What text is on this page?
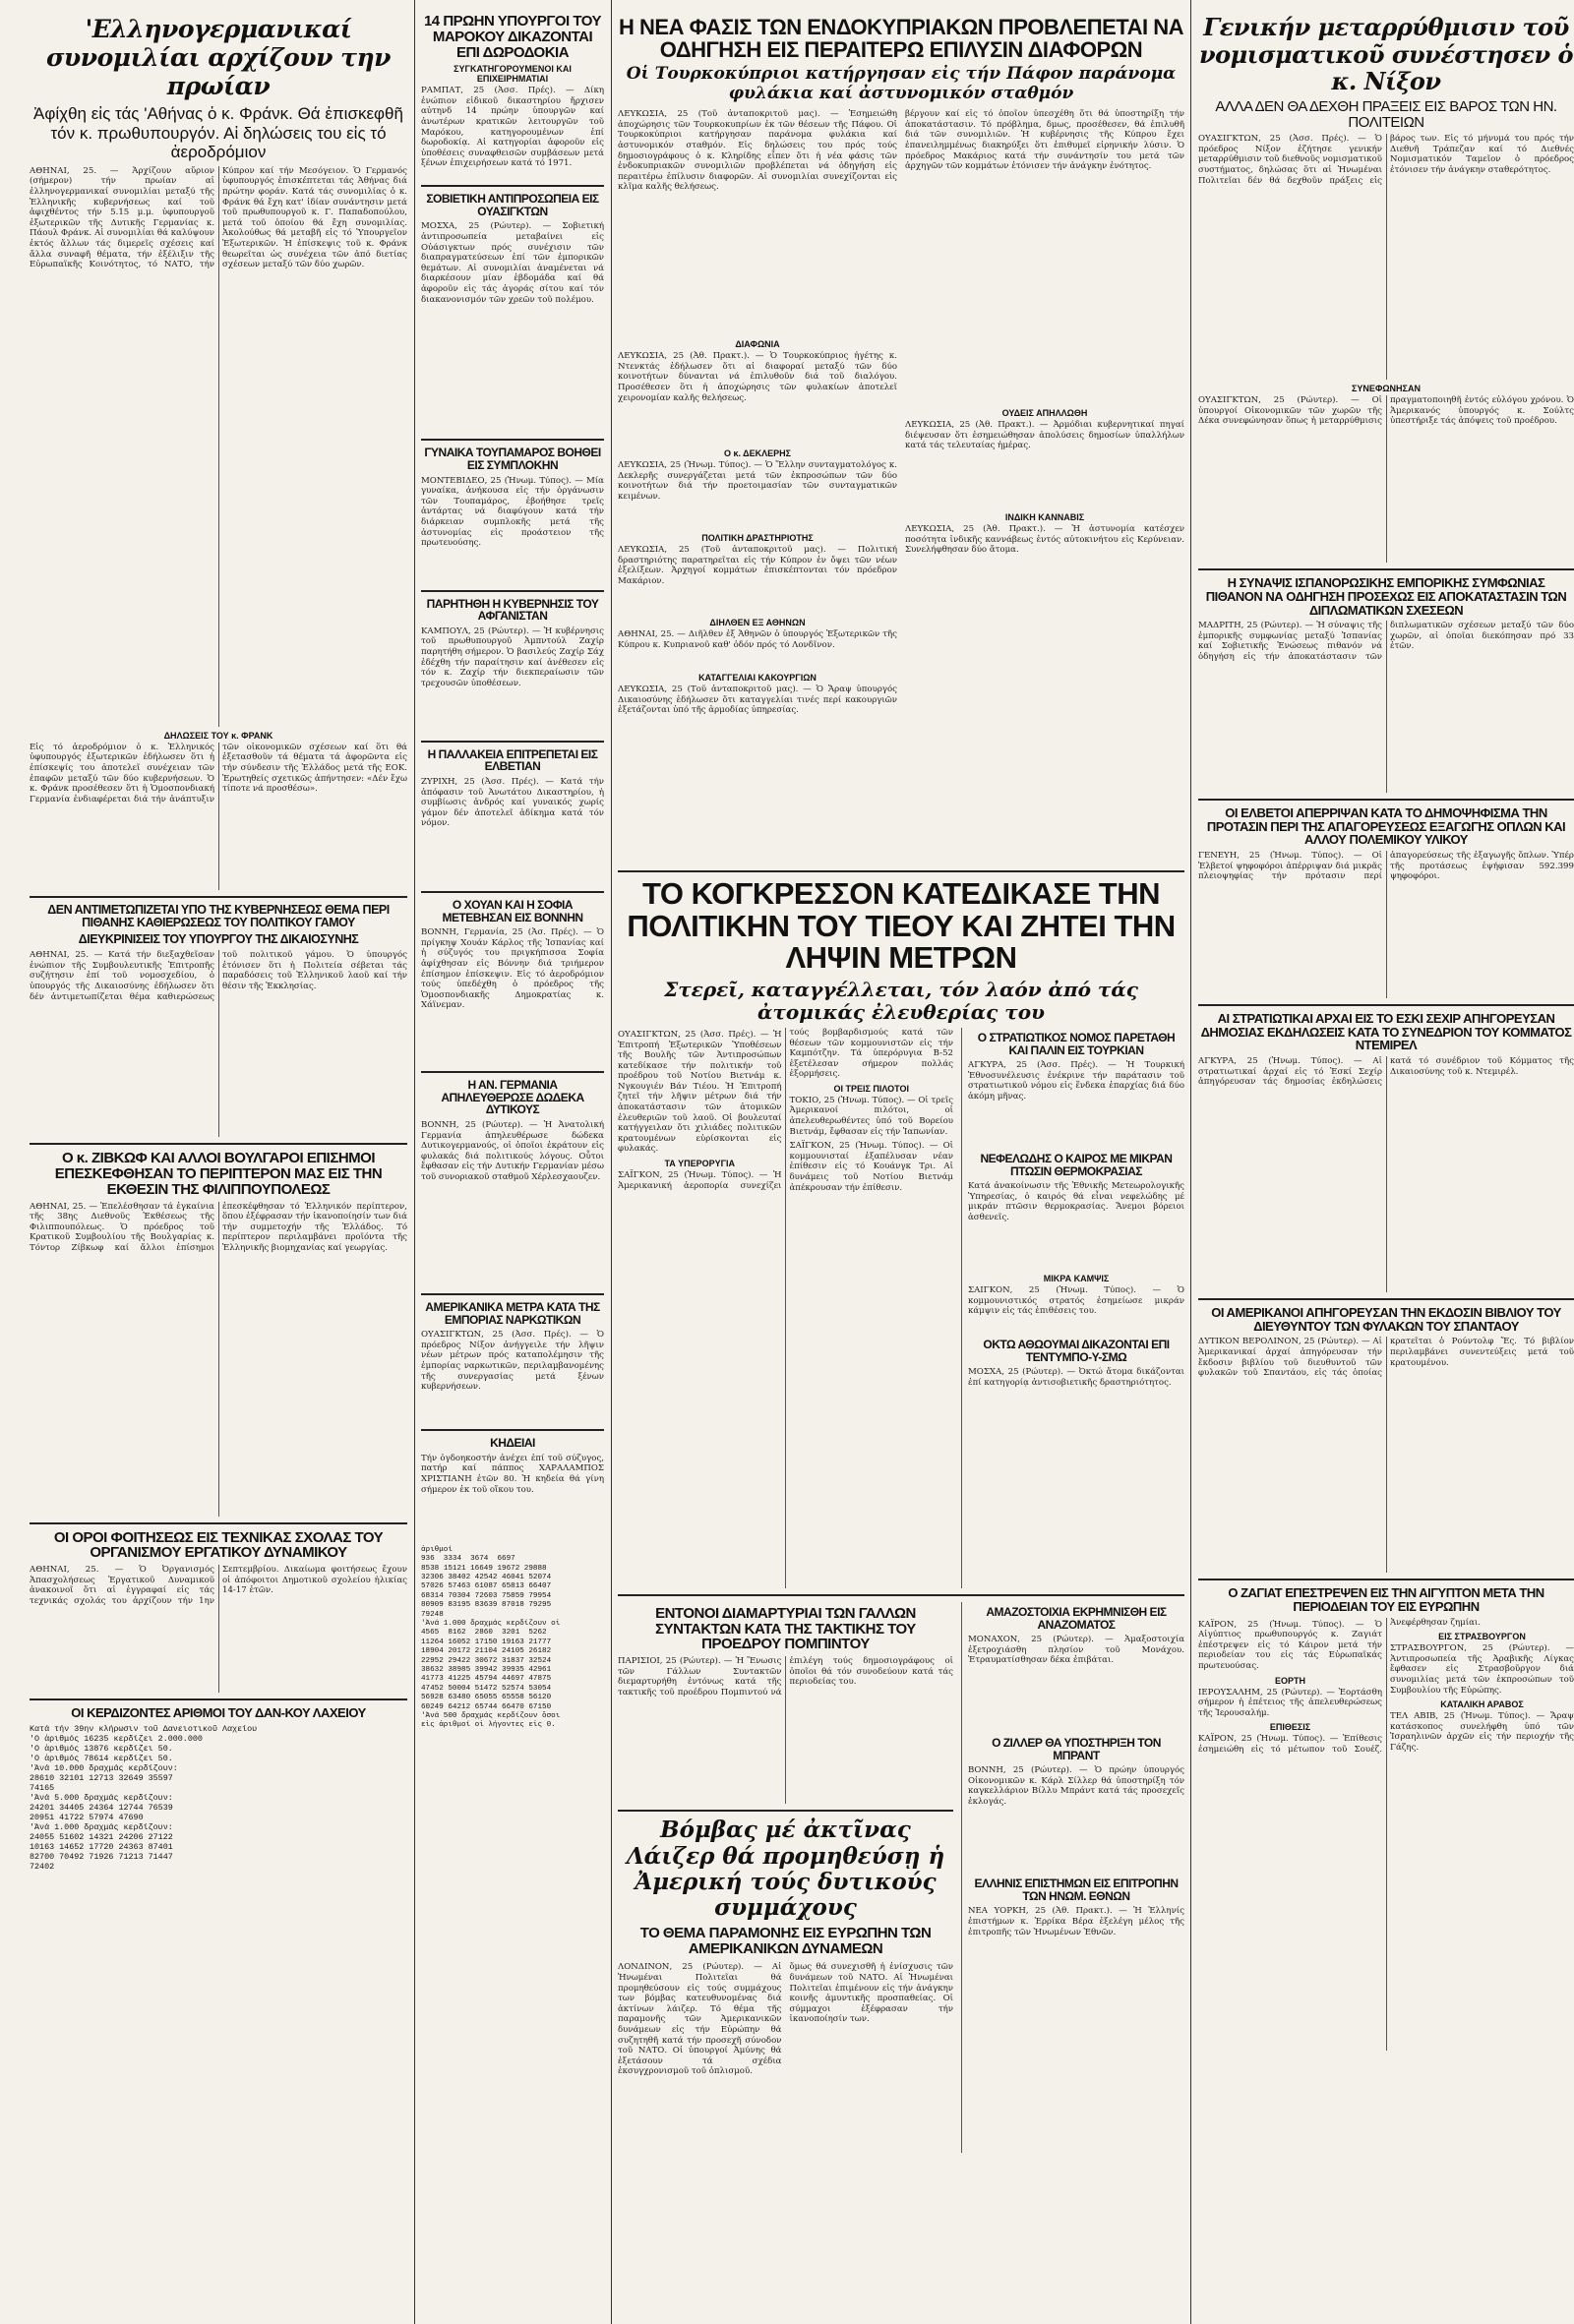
'Ελληνογερμανικαί συνομιλίαι αρχίζουν την πρωίαν
Ἀφίχθη εἰς τάς 'Αθήνας ὁ κ. Φράνκ. Θά ἐπισκεφθῆ τόν κ. πρωθυπουργόν. Αἱ δηλώσεις του εἰς τό ἀεροδρόμιον
ΑΘΗΝΑΙ, 25. — Ἀρχίζουν αὔριον (σήμερον) τήν πρωίαν αἱ ἐλληνογερμανικαί συνομιλίαι μεταξύ τῆς Ἑλληνικῆς κυβερνήσεως καί τοῦ ἀφιχθέντος τήν 5.15 μ.μ. ὑφυπουργοῦ ἐξωτερικῶν τῆς Δυτικῆς Γερμανίας κ. Πάουλ Φράνκ. Αἱ συνομιλίαι θά καλύψουν ἐκτός ἄλλων τάς διμερεῖς σχέσεις καί ἄλλα συναφῆ θέματα, τήν ἐξέλιξιν τῆς Εὐρωπαϊκῆς Κοινότητος, τό ΝΑΤΟ, τήν Κύπρον καί τήν Μεσόγειον. Ὁ Γερμανός ὑφυπουργός ἐπισκέπτεται τάς Ἀθήνας διά πρώτην φοράν. Κατά τάς συνομιλίας ὁ κ. Φράνκ θά ἔχη κατ' ἰδίαν συνάντησιν μετά τοῦ πρωθυπουργοῦ κ. Γ. Παπαδοπούλου, μετά τοῦ ὁποίου θά ἔχη συνομιλίας. Ἀκολούθως θά μεταβῆ εἰς τό Ὑπουργεῖον Ἐξωτερικῶν. Ἡ ἐπίσκεψις τοῦ κ. Φράνκ θεωρεῖται ὡς συνέχεια τῶν ἀπό διετίας σχέσεων μεταξύ τῶν δύο χωρῶν.
ΔΗΛΩΣΕΙΣ ΤΟΥ κ. ΦΡΑΝΚ
Εἰς τό ἀεροδρόμιον ὁ κ. Ἑλληνικός ὑφυπουργός ἐξωτερικῶν ἐδήλωσεν ὅτι ἡ ἐπίσκεψίς του ἀποτελεῖ συνέχειαν τῶν ἐπαφῶν μεταξύ τῶν δύο κυβερνήσεων. Ὁ κ. Φράνκ προσέθεσεν ὅτι ἡ Ὁμοσπονδιακή Γερμανία ἐνδιαφέρεται διά τήν ἀνάπτυξιν τῶν οἰκονομικῶν σχέσεων καί ὅτι θά ἐξετασθοῦν τά θέματα τά ἀφορῶντα εἰς τήν σύνδεσιν τῆς Ἑλλάδος μετά τῆς ΕΟΚ. Ἐρωτηθείς σχετικῶς ἀπήντησεν: «Δέν ἔχω τίποτε νά προσθέσω».
ΔΕΝ ΑΝΤΙΜΕΤΩΠΙΖΕΤΑΙ ΥΠΟ ΤΗΣ ΚΥΒΕΡΝΗΣΕΩΣ ΘΕΜΑ ΠΕΡΙ ΠΙΘΑΝΗΣ ΚΑΘΙΕΡΩΣΕΩΣ ΤΟΥ ΠΟΛΙΤΙΚΟΥ ΓΑΜΟΥ
ΔΙΕΥΚΡΙΝΙΣΕΙΣ ΤΟΥ ΥΠΟΥΡΓΟΥ ΤΗΣ ΔΙΚΑΙΟΣΥΝΗΣ
ΑΘΗΝΑΙ, 25. — Κατά τήν διεξαχθεῖσαν ἐνώπιον τῆς Συμβουλευτικῆς Ἐπιτροπῆς συζήτησιν ἐπί τοῦ νομοσχεδίου, ὁ ὑπουργός τῆς Δικαιοσύνης ἐδήλωσεν ὅτι δέν ἀντιμετωπίζεται θέμα καθιερώσεως τοῦ πολιτικοῦ γάμου. Ὁ ὑπουργός ἐτόνισεν ὅτι ἡ Πολιτεία σέβεται τάς παραδόσεις τοῦ Ἑλληνικοῦ λαοῦ καί τήν θέσιν τῆς Ἐκκλησίας.
Ο κ. ΖΙΒΚΩΦ ΚΑΙ ΑΛΛΟΙ ΒΟΥΛΓΑΡΟΙ ΕΠΙΣΗΜΟΙ ΕΠΕΣΚΕΦΘΗΣΑΝ ΤΟ ΠΕΡΙΠΤΕΡΟΝ ΜΑΣ ΕΙΣ ΤΗΝ ΕΚΘΕΣΙΝ ΤΗΣ ΦΙΛΙΠΠΟΥΠΟΛΕΩΣ
ΑΘΗΝΑΙ, 25. — Ἐπελέσθησαν τά ἐγκαίνια τῆς 38ης Διεθνοῦς Ἐκθέσεως τῆς Φιλιππουπόλεως. Ὁ πρόεδρος τοῦ Κρατικοῦ Συμβουλίου τῆς Βουλγαρίας κ. Τόντορ Ζίβκωφ καί ἄλλοι ἐπίσημοι ἐπεσκέφθησαν τό Ἑλληνικόν περίπτερον, ὅπου ἐξέφρασαν τήν ἱκανοποίησίν των διά τήν συμμετοχήν τῆς Ἑλλάδος. Τό περίπτερον περιλαμβάνει προϊόντα τῆς Ἑλληνικῆς βιομηχανίας καί γεωργίας.
ΟΙ ΟΡΟΙ ΦΟΙΤΗΣΕΩΣ ΕΙΣ ΤΕΧΝΙΚΑΣ ΣΧΟΛΑΣ ΤΟΥ ΟΡΓΑΝΙΣΜΟΥ ΕΡΓΑΤΙΚΟΥ ΔΥΝΑΜΙΚΟΥ
ΑΘΗΝΑΙ, 25. — Ὁ Ὀργανισμός Ἀπασχολήσεως Ἐργατικοῦ Δυναμικοῦ ἀνακοινοῖ ὅτι αἱ ἐγγραφαί εἰς τάς τεχνικάς σχολάς του ἀρχίζουν τήν 1ην Σεπτεμβρίου. Δικαίωμα φοιτήσεως ἔχουν οἱ ἀπόφοιτοι Δημοτικοῦ σχολείου ἡλικίας 14-17 ἐτῶν.
ΟΙ ΚΕΡΔΙΖΟΝΤΕΣ ΑΡΙΘΜΟΙ ΤΟΥ ΔΑΝ-ΚΟΥ ΛΑΧΕΙΟΥ
Κατά τήν 39ην κλήρωσιν τοῦ Δανειοτικοῦ Λαχείου
'Ο ἀριθμός 16235 κερδίζει 2.000.000
'Ο ἀριθμός 13876 κερδίζει 50.
'Ο ἀριθμός 78614 κερδίζει 50.
'Ἀνά 10.000 δραχμάς κερδίζουν:
28610 32101 12713 32649 35597
74165
'Ἀνά 5.000 δραχμάς κερδίζουν:
24201 34405 24364 12744 76539
20951 41722 57974 47690
'Ἀνά 1.000 δραχμάς κερδίζουν:
24055 51602 14321 24206 27122
10163 14652 17720 24363 87401
82700 70492 71926 71213 71447
72402
14 ΠΡΩΗΝ ΥΠΟΥΡΓΟΙ ΤΟΥ ΜΑΡΟΚΟΥ ΔΙΚΑΖΟΝΤΑΙ ΕΠΙ ΔΩΡΟΔΟΚΙΑ
ΣΥΓΚΑΤΗΓΟΡΟΥΜΕΝΟΙ ΚΑΙ ΕΠΙΧΕΙΡΗΜΑΤΙΑΙ
ΡΑΜΠΑΤ, 25 (Ἀσσ. Πρές). — Δίκη ἐνώπιον εἰδικοῦ δικαστηρίου ἤρχισεν αὐτηνδ 14 πρώην ὑπουργῶν καί ἀνωτέρων κρατικῶν λειτουργῶν τοῦ Μαρόκου, κατηγορουμένων ἐπί δωροδοκίᾳ. Αἱ κατηγορίαι ἀφοροῦν εἰς ὑποθέσεις συναφθεισῶν συμβάσεων μετά ξένων ἐπιχειρήσεων κατά τό 1971.
ΣΟΒΙΕΤΙΚΗ ΑΝΤΙΠΡΟΣΩΠΕΙΑ ΕΙΣ ΟΥΑΣΙΓΚΤΩΝ
ΜΟΣΧΑ, 25 (Ρώυτερ). — Σοβιετική ἀντιπροσωπεία μεταβαίνει εἰς Οὐάσιγκτων πρός συνέχισιν τῶν διαπραγματεύσεων ἐπί τῶν ἐμπορικῶν θεμάτων. Αἱ συνομιλίαι ἀναμένεται νά διαρκέσουν μίαν ἑβδομάδα καί θά ἀφοροῦν εἰς τάς ἀγοράς σίτου καί τόν διακανονισμόν τῶν χρεῶν τοῦ πολέμου.
ΓΥΝΑΙΚΑ ΤΟΥΠΑΜΑΡΟΣ ΒΟΗΘΕΙ ΕΙΣ ΣΥΜΠΛΟΚΗΝ
ΜΟΝΤΕΒΙΔΕΟ, 25 (Ἡνωμ. Τύπος). — Μία γυναίκα, ἀνήκουσα εἰς τήν ὀργάνωσιν τῶν Τουπαμάρος, ἐβοήθησε τρεῖς ἀντάρτας νά διαφύγουν κατά τήν διάρκειαν συμπλοκῆς μετά τῆς ἀστυνομίας εἰς προάστειον τῆς πρωτευούσης.
ΠΑΡΗΤΗΘΗ Η ΚΥΒΕΡΝΗΣΙΣ ΤΟΥ ΑΦΓΑΝΙΣΤΑΝ
ΚΑΜΠΟΥΛ, 25 (Ρώυτερ). — Ἡ κυβέρνησις τοῦ πρωθυπουργοῦ Ἀμπντούλ Ζαχίρ παρητήθη σήμερον. Ὁ βασιλεύς Ζαχίρ Σάχ ἐδέχθη τήν παραίτησιν καί ἀνέθεσεν εἰς τόν κ. Ζαχίρ τήν διεκπεραίωσιν τῶν τρεχουσῶν ὑποθέσεων.
Η ΠΑΛΛΑΚΕΙΑ ΕΠΙΤΡΕΠΕΤΑΙ ΕΙΣ ΕΛΒΕΤΙΑΝ
ΖΥΡΙΧΗ, 25 (Ἀσσ. Πρές). — Κατά τήν ἀπόφασιν τοῦ Ἀνωτάτου Δικαστηρίου, ἡ συμβίωσις ἀνδρός καί γυναικός χωρίς γάμον δέν ἀποτελεῖ ἀδίκημα κατά τόν νόμον.
Ο ΧΟΥΑΝ ΚΑΙ Η ΣΟΦΙΑ ΜΕΤΕΒΗΣΑΝ ΕΙΣ ΒΟΝΝΗΝ
ΒΟΝΝΗ, Γερμανία, 25 (Ἀσ. Πρές). — Ὁ πρίγκηψ Χουάν Κάρλος τῆς Ἱσπανίας καί ἡ σύζυγός του πριγκήπισσα Σοφία ἀφίχθησαν εἰς Βόννην διά τριήμερον ἐπίσημον ἐπίσκεψιν. Εἰς τό ἀεροδρόμιον τούς ὑπεδέχθη ὁ πρόεδρος τῆς Ὁμοσπονδιακῆς Δημοκρατίας κ. Χάϊνεμαν.
Η ΑΝ. ΓΕΡΜΑΝΙΑ ΑΠΗΛΕΥΘΕΡΩΣΕ ΔΩΔΕΚΑ ΔΥΤΙΚΟΥΣ
ΒΟΝΝΗ, 25 (Ρώυτερ). — Ἡ Ἀνατολική Γερμανία ἀπηλευθέρωσε δώδεκα Δυτικογερμανούς, οἱ ὁποῖοι ἐκράτουν εἰς φυλακάς διά πολιτικούς λόγους. Οὗτοι ἔφθασαν εἰς τήν Δυτικήν Γερμανίαν μέσω τοῦ συνοριακοῦ σταθμοῦ Χέρλεσχαουζεν.
ΑΜΕΡΙΚΑΝΙΚΑ ΜΕΤΡΑ ΚΑΤΑ ΤΗΣ ΕΜΠΟΡΙΑΣ ΝΑΡΚΩΤΙΚΩΝ
ΟΥΑΣΙΓΚΤΩΝ, 25 (Ἀσσ. Πρές). — Ὁ πρόεδρος Νίξον ἀνήγγειλε τήν λῆψιν νέων μέτρων πρός καταπολέμησιν τῆς ἐμπορίας ναρκωτικῶν, περιλαμβανομένης τῆς συνεργασίας μετά ξένων κυβερνήσεων.
ΚΗΔΕΙΑΙ
Τήν ὀγδοηκοστήν ἀνέχει ἐπί τοῦ σύζυγος, πατήρ καί πάππος ΧΑΡΑΛΑΜΠΟΣ ΧΡΙΣΤΙΑΝΗ ἐτῶν 80. Ἡ κηδεία θά γίνη σήμερον ἐκ τοῦ οἴκου του.
ἀριθμοί
936  3334  3674  6697
8538 15121 16649 19672 29888
32306 38402 42542 46041 52074
57026 57463 61087 65813 66407
68314 70304 72603 75859 79954
80909 83195 83639 87018 79295
79248
'Ἀνά 1.000 δραχμάς κερδίζουν οἱ
4565  8162  2860  3201  5262
11264 16052 17150 19163 21777
18904 20172 21104 24105 26182
22952 29422 30672 31837 32524
38632 38985 39942 39935 42961
41773 41225 45794 44697 47875
47452 50004 51472 52574 53054
56928 63480 65055 65558 56120
60249 64212 65744 66470 67150
'Ἀνά 500 δραχμάς κερδίζουν ὅσοι
εἰς ἀριθμοί οἱ λήγοντες εἰς 0.
Η ΝΕΑ ΦΑΣΙΣ ΤΩΝ ΕΝΔΟΚΥΠΡΙΑΚΩΝ ΠΡΟΒΛΕΠΕΤΑΙ ΝΑ ΟΔΗΓΗΣΗ ΕΙΣ ΠΕΡΑΙΤΕΡΩ ΕΠΙΛΥΣΙΝ ΔΙΑΦΟΡΩΝ
Οἱ Τουρκοκύπριοι κατήργησαν εἰς τήν Πάφον παράνομα φυλάκια καί ἀστυνομικόν σταθμόν
ΛΕΥΚΩΣΙΑ, 25 (Τοῦ ἀνταποκριτοῦ μας). — Ἐσημειώθη ἀποχώρησις τῶν Τουρκοκυπρίων ἐκ τῶν θέσεων τῆς Πάφου. Οἱ Τουρκοκύπριοι κατήργησαν παράνομα φυλάκια καί ἀστυνομικόν σταθμόν. Εἰς δηλώσεις του πρός τούς δημοσιογράφους ὁ κ. Κληρίδης εἶπεν ὅτι ἡ νέα φάσις τῶν ἐνδοκυπριακῶν συνομιλιῶν προβλέπεται νά ὁδηγήση εἰς περαιτέρω ἐπίλυσιν διαφορῶν. Αἱ συνομιλίαι συνεχίζονται εἰς κλῖμα καλῆς θελήσεως.
ΔΙΑΦΩΝΙΑ
ΛΕΥΚΩΣΙΑ, 25 (Ἀθ. Πρακτ.). — Ὁ Τουρκοκύπριος ἡγέτης κ. Ντενκτάς ἐδήλωσεν ὅτι αἱ διαφοραί μεταξύ τῶν δύο κοινοτήτων δύνανται νά ἐπιλυθοῦν διά τοῦ διαλόγου. Προσέθεσεν ὅτι ἡ ἀποχώρησις τῶν φυλακίων ἀποτελεῖ χειρονομίαν καλῆς θελήσεως.
Ο κ. ΔΕΚΛΕΡΗΣ
ΛΕΥΚΩΣΙΑ, 25 (Ἡνωμ. Τύπος). — Ὁ Ἕλλην συνταγματολόγος κ. Δεκλερῆς συνεργάζεται μετά τῶν ἐκπροσώπων τῶν δύο κοινοτήτων διά τήν προετοιμασίαν τῶν συνταγματικῶν κειμένων.
ΠΟΛΙΤΙΚΗ ΔΡΑΣΤΗΡΙΟΤΗΣ
ΛΕΥΚΩΣΙΑ, 25 (Τοῦ ἀνταποκριτοῦ μας). — Πολιτική δραστηριότης παρατηρεῖται εἰς τήν Κύπρον ἐν ὄψει τῶν νέων ἐξελίξεων. Ἀρχηγοί κομμάτων ἐπισκέπτονται τόν πρόεδρον Μακάριον.
ΔΙΗΛΘΕΝ ΕΞ ΑΘΗΝΩΝ
ΑΘΗΝΑΙ, 25. — Διῆλθεν ἐξ Ἀθηνῶν ὁ ὑπουργός Ἐξωτερικῶν τῆς Κύπρου κ. Κυπριανοῦ καθ' ὁδόν πρός τό Λονδῖνον.
ΚΑΤΑΓΓΕΛΙΑΙ ΚΑΚΟΥΡΓΙΩΝ
ΛΕΥΚΩΣΙΑ, 25 (Τοῦ ἀνταποκριτοῦ μας). — Ὁ Ἄραψ ὑπουργός Δικαιοσύνης ἐδήλωσεν ὅτι καταγγελίαι τινές περί κακουργιῶν ἐξετάζονται ὑπό τῆς ἀρμοδίας ὑπηρεσίας.
βέργουν καί εἰς τό ὁποῖον ὑπεσχέθη ὅτι θά ὑποστηρίξη τήν ἀποκατάστασιν. Τό πρόβλημα, δμως, προσέθεσεν, θά ἐπιλυθῆ διά τῶν συνομιλιῶν. Ἡ κυβέρνησις τῆς Κύπρου ἔχει ἐπανειλημμένως διακηρύξει ὅτι ἐπιθυμεῖ εἰρηνικήν λύσιν. Ὁ πρόεδρος Μακάριος κατά τήν συνάντησίν του μετά τῶν ἀρχηγῶν τῶν κομμάτων ἐτόνισεν τήν ἀνάγκην ἑνότητος.
ΟΥΔΕΙΣ ΑΠΗΛΛΩΘΗ
ΛΕΥΚΩΣΙΑ, 25 (Ἀθ. Πρακτ.). — Ἀρμόδιαι κυβερνητικαί πηγαί διέψευσαν ὅτι ἐσημειώθησαν ἀπολύσεις δημοσίων ὑπαλλήλων κατά τάς τελευταίας ἡμέρας.
ΙΝΔΙΚΗ ΚΑΝΝΑΒΙΣ
ΛΕΥΚΩΣΙΑ, 25 (Ἀθ. Πρακτ.). — Ἡ ἀστυνομία κατέσχεν ποσότητα ἰνδικῆς καννάβεως ἐντός αὐτοκινήτου εἰς Κερύνειαν. Συνελήφθησαν δύο ἄτομα.
ΤΟ ΚΟΓΚΡΕΣΣΟΝ ΚΑΤΕΔΙΚΑΣΕ ΤΗΝ ΠΟΛΙΤΙΚΗΝ ΤΟΥ ΤΙΕΟΥ ΚΑΙ ΖΗΤΕΙ ΤΗΝ ΛΗΨΙΝ ΜΕΤΡΩΝ
Στερεῖ, καταγγέλλεται, τόν λαόν ἀπό τάς ἀτομικάς ἐλευθερίας του
ΟΥΑΣΙΓΚΤΩΝ, 25 (Ἀσσ. Πρές). — Ἡ Ἐπιτροπή Ἐξωτερικῶν Ὑποθέσεων τῆς Βουλῆς τῶν Ἀντιπροσώπων κατεδίκασε τήν πολιτικήν τοῦ προέδρου τοῦ Νοτίου Βιετνάμ κ. Νγκουγιέν Βάν Τιέου. Ἡ Ἐπιτροπή ζητεῖ τήν λῆψιν μέτρων διά τήν ἀποκατάστασιν τῶν ἀτομικῶν ἐλευθεριῶν τοῦ λαοῦ. Οἱ βουλευταί κατήγγειλαν ὅτι χιλιάδες πολιτικῶν κρατουμένων εὑρίσκονται εἰς φυλακάς.
ΤΑ ΥΠΕΡΟΡΥΓΙΑ
ΣΑΪΓΚΟΝ, 25 (Ἡνωμ. Τύπος). — Ἡ Ἀμερικανική ἀεροπορία συνεχίζει τούς βομβαρδισμούς κατά τῶν θέσεων τῶν κομμουνιστῶν εἰς τήν Καμπότζην. Τά ὑπερόρυγια B-52 ἐξετέλεσαν σήμερον πολλάς ἐξορμήσεις.
ΟΙ ΤΡΕΙΣ ΠΙΛΟΤΟΙ
ΤΟΚΙΟ, 25 (Ἡνωμ. Τύπος). — Οἱ τρεῖς Ἀμερικανοί πιλότοι, οἱ ἀπελευθερωθέντες ὑπό τοῦ Βορείου Βιετνάμ, ἔφθασαν εἰς τήν Ἰαπωνίαν.
ΣΑΪΓΚΟΝ, 25 (Ἡνωμ. Τύπος). — Οἱ κομμουνισταί ἐξαπέλυσαν νέαν ἐπίθεσιν εἰς τό Κουάνγκ Τρι. Αἱ δυνάμεις τοῦ Νοτίου Βιετνάμ ἀπέκρουσαν τήν ἐπίθεσιν.
Ο ΣΤΡΑΤΙΩΤΙΚΟΣ ΝΟΜΟΣ ΠΑΡΕΤΑΘΗ ΚΑΙ ΠΑΛΙΝ ΕΙΣ ΤΟΥΡΚΙΑΝ
ΑΓΚΥΡΑ, 25 (Ἀσσ. Πρές). — Ἡ Τουρκική Ἐθνοσυνέλευσις ἐνέκρινε τήν παράτασιν τοῦ στρατιωτικοῦ νόμου εἰς ἕνδεκα ἐπαρχίας διά δύο ἀκόμη μῆνας.
ΝΕΦΕΛΩΔΗΣ Ο ΚΑΙΡΟΣ ΜΕ ΜΙΚΡΑΝ ΠΤΩΣΙΝ ΘΕΡΜΟΚΡΑΣΙΑΣ
Κατά ἀνακοίνωσιν τῆς Ἐθνικῆς Μετεωρολογικῆς Ὑπηρεσίας, ὁ καιρός θά εἶναι νεφελώδης μέ μικράν πτῶσιν θερμοκρασίας. Ἄνεμοι βόρειοι ἀσθενεῖς.
ΜΙΚΡΑ ΚΑΜΨΙΣ
ΣΑΪΓΚΟΝ, 25 (Ἡνωμ. Τύπος). — Ὁ κομμουνιστικός στρατός ἐσημείωσε μικράν κάμψιν εἰς τάς ἐπιθέσεις του.
ΟΚΤΩ ΑΘΩΟΥΜΑΙ ΔΙΚΑΖΟΝΤΑΙ ΕΠΙ ΤΕΝΤΥΜΠΟ-Υ-ΣΜΩ
ΜΟΣΧΑ, 25 (Ρώυτερ). — Ὀκτώ ἄτομα δικάζονται ἐπί κατηγορίᾳ ἀντισοβιετικῆς δραστηριότητος.
ΕΝΤΟΝΟΙ ΔΙΑΜΑΡΤΥΡΙΑΙ ΤΩΝ ΓΑΛΛΩΝ ΣΥΝΤΑΚΤΩΝ ΚΑΤΑ ΤΗΣ ΤΑΚΤΙΚΗΣ ΤΟΥ ΠΡΟΕΔΡΟΥ ΠΟΜΠΙΝΤΟΥ
ΠΑΡΙΣΙΟΙ, 25 (Ρώυτερ). — Ἡ Ἕνωσις τῶν Γάλλων Συντακτῶν διεμαρτυρήθη ἐντόνως κατά τῆς τακτικῆς τοῦ προέδρου Πομπιντού νά ἐπιλέγη τούς δημοσιογράφους οἱ ὁποῖοι θά τόν συνοδεύουν κατά τάς περιοδείας του.
Βόμβας μέ ἀκτῖνας Λάιζερ θά προμηθεύσῃ ἡ Ἀμερική τούς δυτικούς συμμάχους
ΤΟ ΘΕΜΑ ΠΑΡΑΜΟΝΗΣ ΕΙΣ ΕΥΡΩΠΗΝ ΤΩΝ ΑΜΕΡΙΚΑΝΙΚΩΝ ΔΥΝΑΜΕΩΝ
ΛΟΝΔΙΝΟΝ, 25 (Ρώυτερ). — Αἱ Ἡνωμέναι Πολιτεῖαι θά προμηθεύσουν εἰς τούς συμμάχους των βόμβας κατευθυνομένας διά ἀκτίνων λάιζερ. Τό θέμα τῆς παραμονῆς τῶν Ἀμερικανικῶν δυνάμεων εἰς τήν Εὐρώπην θά συζητηθῆ κατά τήν προσεχῆ σύνοδον τοῦ ΝΑΤΟ. Οἱ ὑπουργοί Ἀμύνης θά ἐξετάσουν τά σχέδια ἐκσυγχρονισμοῦ τοῦ ὁπλισμοῦ.
ὅμως θά συνεχισθῆ ἡ ἐνίσχυσις τῶν δυνάμεων τοῦ ΝΑΤΟ. Αἱ Ἡνωμέναι Πολιτεῖαι ἐπιμένουν εἰς τήν ἀνάγκην κοινῆς ἀμυντικῆς προσπαθείας. Οἱ σύμμαχοι ἐξέφρασαν τήν ἱκανοποίησίν των.
ΑΜΑΖΟΣΤΟΙΧΙΑ ΕΚΡΗΜΝΙΣΘΗ ΕΙΣ ΑΝΑΖΟΜΑΤΟΣ
ΜΟΝΑΧΟΝ, 25 (Ρώυτερ). — Ἁμαξοστοιχία ἐξετροχιάσθη πλησίον τοῦ Μονάχου. Ἐτραυματίσθησαν δέκα ἐπιβάται.
Ο ΖΙΛΛΕΡ ΘΑ ΥΠΟΣΤΗΡΙΞΗ ΤΟΝ ΜΠΡΑΝΤ
ΒΟΝΝΗ, 25 (Ρώυτερ). — Ὁ πρώην ὑπουργός Οἰκονομικῶν κ. Κάρλ Σίλλερ θά ὑποστηρίξη τόν καγκελλάριον Βίλλυ Μπράντ κατά τάς προσεχεῖς ἐκλογάς.
ΕΛΛΗΝΙΣ ΕΠΙΣΤΗΜΩΝ ΕΙΣ ΕΠΙΤΡΟΠΗΝ ΤΩΝ ΗΝΩΜ. ΕΘΝΩΝ
ΝΕΑ ΥΟΡΚΗ, 25 (Ἀθ. Πρακτ.). — Ἡ Ἑλληνίς ἐπιστήμων κ. Ἐρρίκα Βέρα ἐξελέγη μέλος τῆς ἐπιτροπῆς τῶν Ἡνωμένων Ἐθνῶν.
Γενικήν μεταρρύθμισιν τοῦ νομισματικοῦ συνέστησεν ὁ κ. Νίξον
ΑΛΛΑ ΔΕΝ ΘΑ ΔΕΧΘΗ ΠΡΑΞΕΙΣ ΕΙΣ ΒΑΡΟΣ ΤΩΝ ΗΝ. ΠΟΛΙΤΕΙΩΝ
ΟΥΑΣΙΓΚΤΩΝ, 25 (Ἀσσ. Πρές). — Ὁ πρόεδρος Νίξον ἐζήτησε γενικήν μεταρρύθμισιν τοῦ διεθνοῦς νομισματικοῦ συστήματος, δηλώσας ὅτι αἱ Ἡνωμέναι Πολιτεῖαι δέν θά δεχθοῦν πράξεις εἰς βάρος των. Εἰς τό μήνυμά του πρός τήν Διεθνῆ Τράπεζαν καί τό Διεθνές Νομισματικόν Ταμεῖον ὁ πρόεδρος ἐτόνισεν τήν ἀνάγκην σταθερότητος.
ΣΥΝΕΦΩΝΗΣΑΝ
ΟΥΑΣΙΓΚΤΩΝ, 25 (Ρώυτερ). — Οἱ ὑπουργοί Οἰκονομικῶν τῶν χωρῶν τῆς Δέκα συνεφώνησαν ὅπως ἡ μεταρρύθμισις πραγματοποιηθῆ ἐντός εὐλόγου χρόνου. Ὁ Ἀμερικανός ὑπουργός κ. Σούλτς ὑπεστήριξε τάς ἀπόψεις τοῦ προέδρου.
Η ΣΥΝΑΨΙΣ ΙΣΠΑΝΟΡΩΣΙΚΗΣ ΕΜΠΟΡΙΚΗΣ ΣΥΜΦΩΝΙΑΣ ΠΙΘΑΝΟΝ ΝΑ ΟΔΗΓΗΣΗ ΠΡΟΣΕΧΩΣ ΕΙΣ ΑΠΟΚΑΤΑΣΤΑΣΙΝ ΤΩΝ ΔΙΠΛΩΜΑΤΙΚΩΝ ΣΧΕΣΕΩΝ
ΜΑΔΡΙΤΗ, 25 (Ρώυτερ). — Ἡ σύναψις τῆς ἐμπορικῆς συμφωνίας μεταξύ Ἱσπανίας καί Σοβιετικῆς Ἑνώσεως πιθανόν νά ὁδηγήση εἰς τήν ἀποκατάστασιν τῶν διπλωματικῶν σχέσεων μεταξύ τῶν δύο χωρῶν, αἱ ὁποῖαι διεκόπησαν πρό 33 ἐτῶν.
ΟΙ ΕΛΒΕΤΟΙ ΑΠΕΡΡΙΨΑΝ ΚΑΤΑ ΤΟ ΔΗΜΟΨΗΦΙΣΜΑ ΤΗΝ ΠΡΟΤΑΣΙΝ ΠΕΡΙ ΤΗΣ ΑΠΑΓΟΡΕΥΣΕΩΣ ΕΞΑΓΩΓΗΣ ΟΠΛΩΝ ΚΑΙ ΑΛΛΟΥ ΠΟΛΕΜΙΚΟΥ ΥΛΙΚΟΥ
ΓΕΝΕΥΗ, 25 (Ἡνωμ. Τύπος). — Οἱ Ἐλβετοί ψηφοφόροι ἀπέρριψαν διά μικρᾶς πλειοψηφίας τήν πρότασιν περί ἀπαγορεύσεως τῆς ἐξαγωγῆς ὅπλων. Ὑπέρ τῆς προτάσεως ἐψήφισαν 592.399 ψηφοφόροι.
ΑΙ ΣΤΡΑΤΙΩΤΙΚΑΙ ΑΡΧΑΙ ΕΙΣ ΤΟ ΕΣΚΙ ΣΕΧΙΡ ΑΠΗΓΟΡΕΥΣΑΝ ΔΗΜΟΣΙΑΣ ΕΚΔΗΛΩΣΕΙΣ ΚΑΤΑ ΤΟ ΣΥΝΕΔΡΙΟΝ ΤΟΥ ΚΟΜΜΑΤΟΣ ΝΤΕΜΙΡΕΛ
ΑΓΚΥΡΑ, 25 (Ἡνωμ. Τύπος). — Αἱ στρατιωτικαί ἀρχαί εἰς τό Ἐσκί Σεχίρ ἀπηγόρευσαν τάς δημοσίας ἐκδηλώσεις κατά τό συνέδριον τοῦ Κόμματος τῆς Δικαιοσύνης τοῦ κ. Ντεμιρέλ.
ΟΙ ΑΜΕΡΙΚΑΝΟΙ ΑΠΗΓΟΡΕΥΣΑΝ ΤΗΝ ΕΚΔΟΣΙΝ ΒΙΒΛΙΟΥ ΤΟΥ ΔΙΕΥΘΥΝΤΟΥ ΤΩΝ ΦΥΛΑΚΩΝ ΤΟΥ ΣΠΑΝΤΑΟΥ
ΔΥΤΙΚΟΝ ΒΕΡΟΛΙΝΟΝ, 25 (Ρώυτερ). — Αἱ Ἀμερικανικαί ἀρχαί ἀπηγόρευσαν τήν ἔκδοσιν βιβλίου τοῦ διευθυντοῦ τῶν φυλακῶν τοῦ Σπαντάου, εἰς τάς ὁποίας κρατεῖται ὁ Ρούντολφ Ἔς. Τό βιβλίον περιλαμβάνει συνεντεύξεις μετά τοῦ κρατουμένου.
Ο ΖΑΓΙΑΤ ΕΠΕΣΤΡΕΨΕΝ ΕΙΣ ΤΗΝ ΑΙΓΥΠΤΟΝ ΜΕΤΑ ΤΗΝ ΠΕΡΙΟΔΕΙΑΝ ΤΟΥ ΕΙΣ ΕΥΡΩΠΗΝ
ΚΑΪΡΟΝ, 25 (Ἡνωμ. Τύπος). — Ὁ Αἰγύπτιος πρωθυπουργός κ. Ζαγιάτ ἐπέστρεψεν εἰς τό Κάιρον μετά τήν περιοδείαν του εἰς τάς Εὐρωπαϊκάς πρωτευούσας.
ΕΟΡΤΗ
ΙΕΡΟΥΣΑΛΗΜ, 25 (Ρώυτερ). — Ἑορτάσθη σήμερον ἡ ἐπέτειος τῆς ἀπελευθερώσεως τῆς Ἱερουσαλήμ.
ΕΠΙΘΕΣΙΣ
ΚΑΪΡΟΝ, 25 (Ἡνωμ. Τύπος). — Ἐπίθεσις ἐσημειώθη εἰς τό μέτωπον τοῦ Σουέζ. Ἀνεφέρθησαν ζημίαι.
ΕΙΣ ΣΤΡΑΣΒΟΥΡΓΟΝ
ΣΤΡΑΣΒΟΥΡΓΟΝ, 25 (Ρώυτερ). — Ἀντιπροσωπεία τῆς Ἀραβικῆς Λίγκας ἔφθασεν εἰς Στρασβοῦργον διά συνομιλίας μετά τῶν ἐκπροσώπων τοῦ Συμβουλίου τῆς Εὐρώπης.
ΚΑΤΑΛΙΚΗ ΑΡΑΒΟΣ
ΤΕΛ ΑΒΙΒ, 25 (Ἡνωμ. Τύπος). — Ἄραψ κατάσκοπος συνελήφθη ὑπό τῶν Ἰσραηλινῶν ἀρχῶν εἰς τήν περιοχήν τῆς Γάζης.
